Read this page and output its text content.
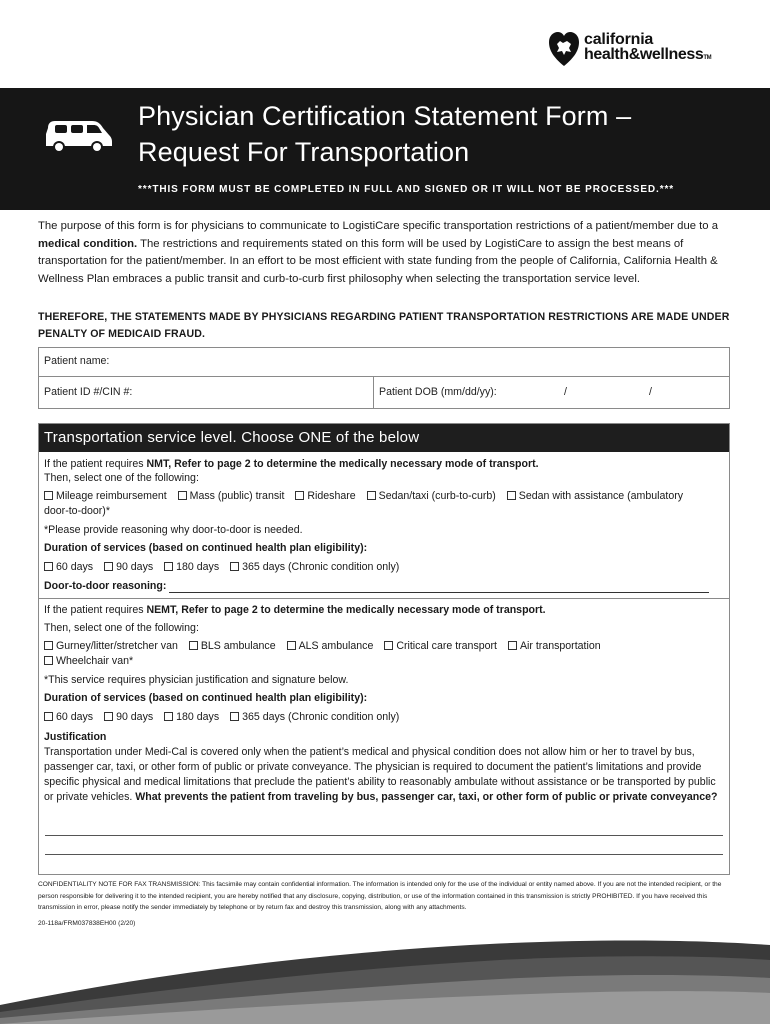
california
health&wellnessTM
Physician Certification Statement Form –
Request For Transportation
***THIS FORM MUST BE COMPLETED IN FULL AND SIGNED OR IT WILL NOT BE PROCESSED.***
The purpose of this form is for physicians to communicate to LogistiCare specific transportation restrictions of a patient/member due to a medical condition. The restrictions and requirements stated on this form will be used by LogistiCare to assign the best means of transportation for the patient/member. In an effort to be most efficient with state funding from the people of California, California Health & Wellness Plan embraces a public transit and curb-to-curb first philosophy when selecting the transportation service level.
THEREFORE, THE STATEMENTS MADE BY PHYSICIANS REGARDING PATIENT TRANSPORTATION RESTRICTIONS ARE MADE UNDER PENALTY OF MEDICAID FRAUD.
Patient name:
Patient ID #/CIN #:	Patient DOB (mm/dd/yy):	/	/
Transportation service level. Choose ONE of the below
If the patient requires NMT, Refer to page 2 to determine the medically necessary mode of transport.
Then, select one of the following:
Mileage reimbursement Mass (public) transit Rideshare Sedan/taxi (curb-to-curb) Sedan with assistance (ambulatory
door-to-door)*
*Please provide reasoning why door-to-door is needed.
Duration of services (based on continued health plan eligibility):
60 days 90 days 180 days 365 days (Chronic condition only)
Door-to-door reasoning:
If the patient requires NEMT, Refer to page 2 to determine the medically necessary mode of transport.
Then, select one of the following:
Gurney/litter/stretcher van BLS ambulance ALS ambulance Critical care transport Air transportation
Wheelchair van*
*This service requires physician justification and signature below.
Duration of services (based on continued health plan eligibility):
60 days 90 days 180 days 365 days (Chronic condition only)
Justification
Transportation under Medi-Cal is covered only when the patient’s medical and physical condition does not allow him or her to travel by bus, passenger car, taxi, or other form of public or private conveyance. The physician is required to document the patient’s limitations and provide specific physical and medical limitations that preclude the patient’s ability to reasonably ambulate without assistance or be transported by public or private vehicles. What prevents the patient from traveling by bus, passenger car, taxi, or other form of public or private conveyance?
CONFIDENTIALITY NOTE FOR FAX TRANSMISSION: This facsimile may contain confidential information. The information is intended only for the use of the individual or entity named above. If you are not the intended recipient, or the person responsible for delivering it to the intended recipient, you are hereby notified that any disclosure, copying, distribution, or use of the information contained in this transmission is strictly PROHIBITED. If you have received this transmission in error, please notify the sender immediately by telephone or by return fax and destroy this transmission, along with any attachments.
20-118a/FRM037838EH00 (2/20)
